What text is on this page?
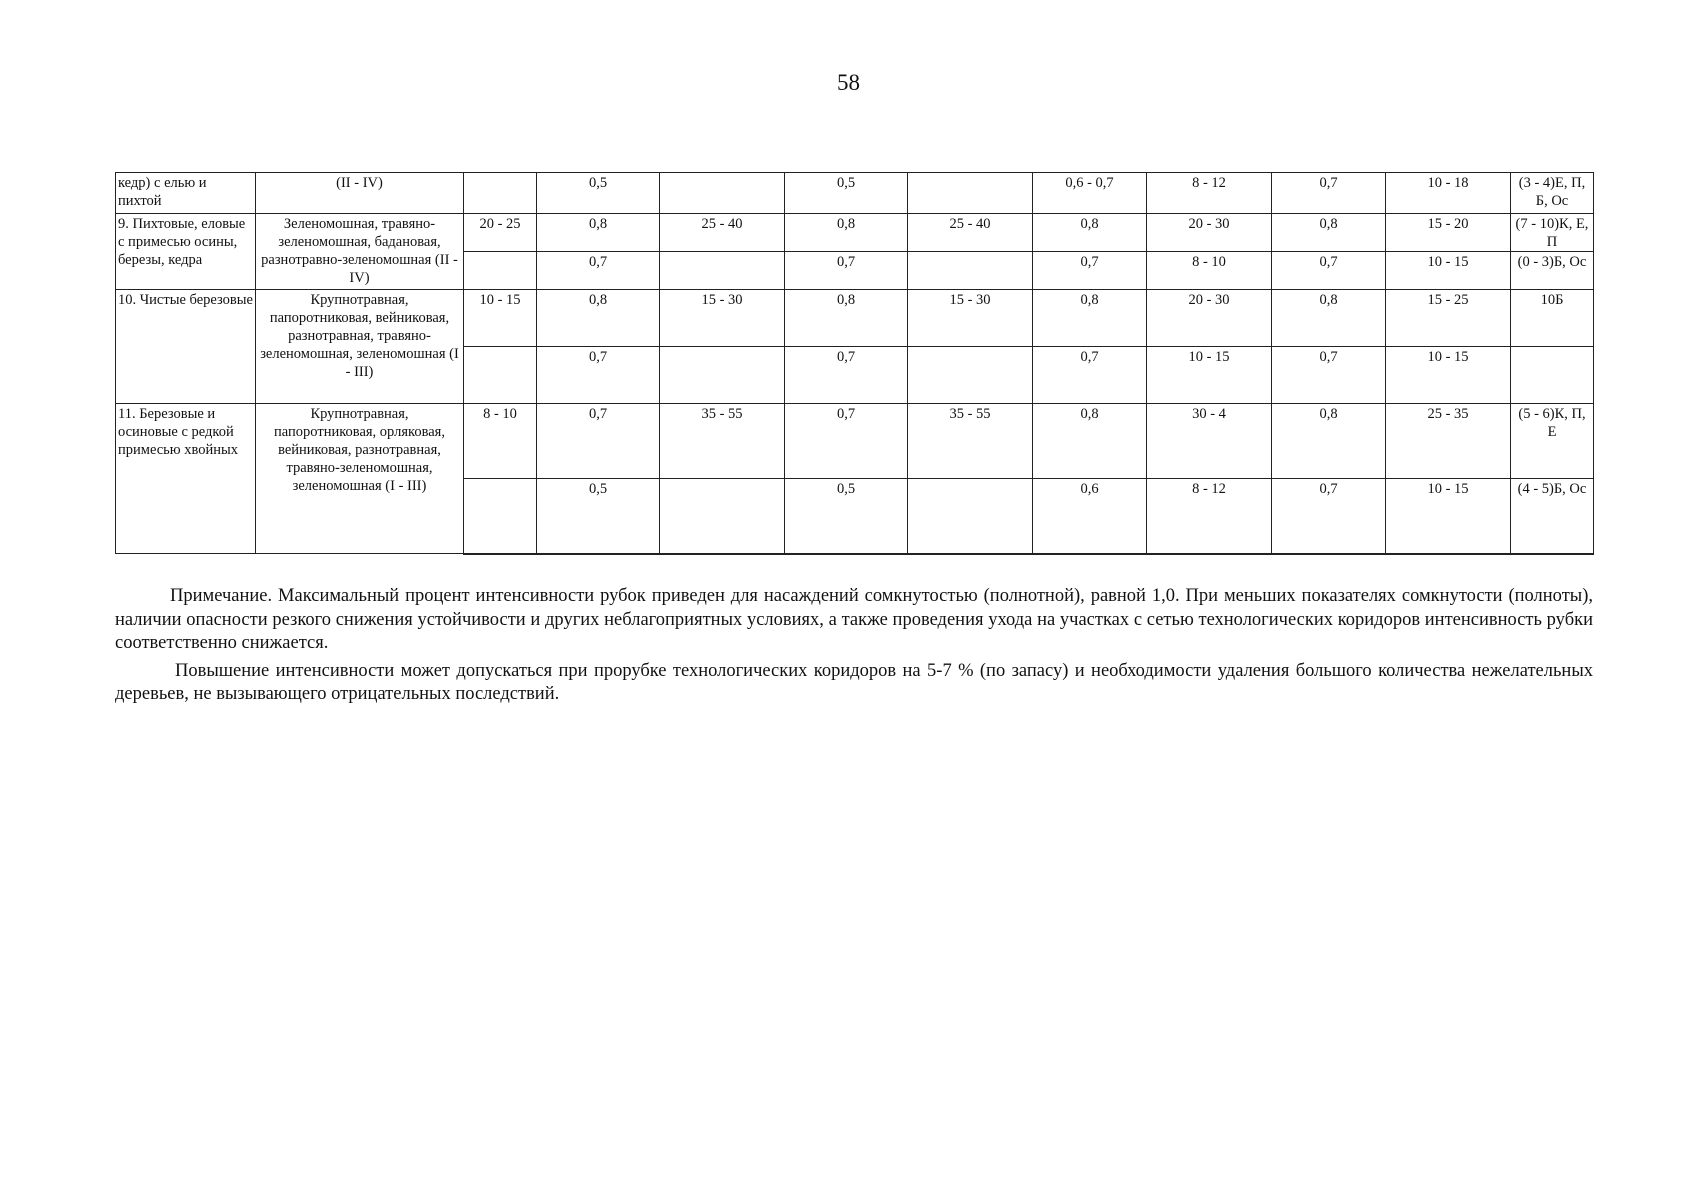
58
кедр) с елью и пихтой	(II - IV)		0,5		0,5		0,6 - 0,7	8 - 12	0,7	10 - 18	(3 - 4)Е, П, Б, Ос
9. Пихтовые, еловые с примесью осины, березы, кедра	Зеленомошная, травяно-зеленомошная, бадановая, разнотравно-зеленомошная (II - IV)	20 - 25	0,8	25 - 40	0,8	25 - 40	0,8	20 - 30	0,8	15 - 20	(7 - 10)К, Е, П
			0,7		0,7		0,7	8 - 10	0,7	10 - 15	(0 - 3)Б, Ос
10. Чистые березовые	Крупнотравная, папоротниковая, вейниковая, разнотравная, травяно-зеленомошная, зеленомошная (I - III)	10 - 15	0,8	15 - 30	0,8	15 - 30	0,8	20 - 30	0,8	15 - 25	10Б
			0,7		0,7		0,7	10 - 15	0,7	10 - 15	
11. Березовые и осиновые с редкой примесью хвойных	Крупнотравная, папоротниковая, орляковая, вейниковая, разнотравная, травяно-зеленомошная, зеленомошная (I - III)	8 - 10	0,7	35 - 55	0,7	35 - 55	0,8	30 - 4	0,8	25 - 35	(5 - 6)К, П, Е
			0,5		0,5		0,6	8 - 12	0,7	10 - 15	(4 - 5)Б, Ос

Примечание. Максимальный процент интенсивности рубок приведен для насаждений сомкнутостью (полнотной), равной 1,0. При меньших показателях сомкнутости (полноты), наличии опасности резкого снижения устойчивости и других неблагоприятных условиях, а также проведения ухода на участках с сетью технологических коридоров интенсивность рубки соответственно снижается.

Повышение интенсивности может допускаться при прорубке технологических коридоров на 5-7 % (по запасу) и необходимости удаления большого количества нежелательных деревьев, не вызывающего отрицательных последствий.
